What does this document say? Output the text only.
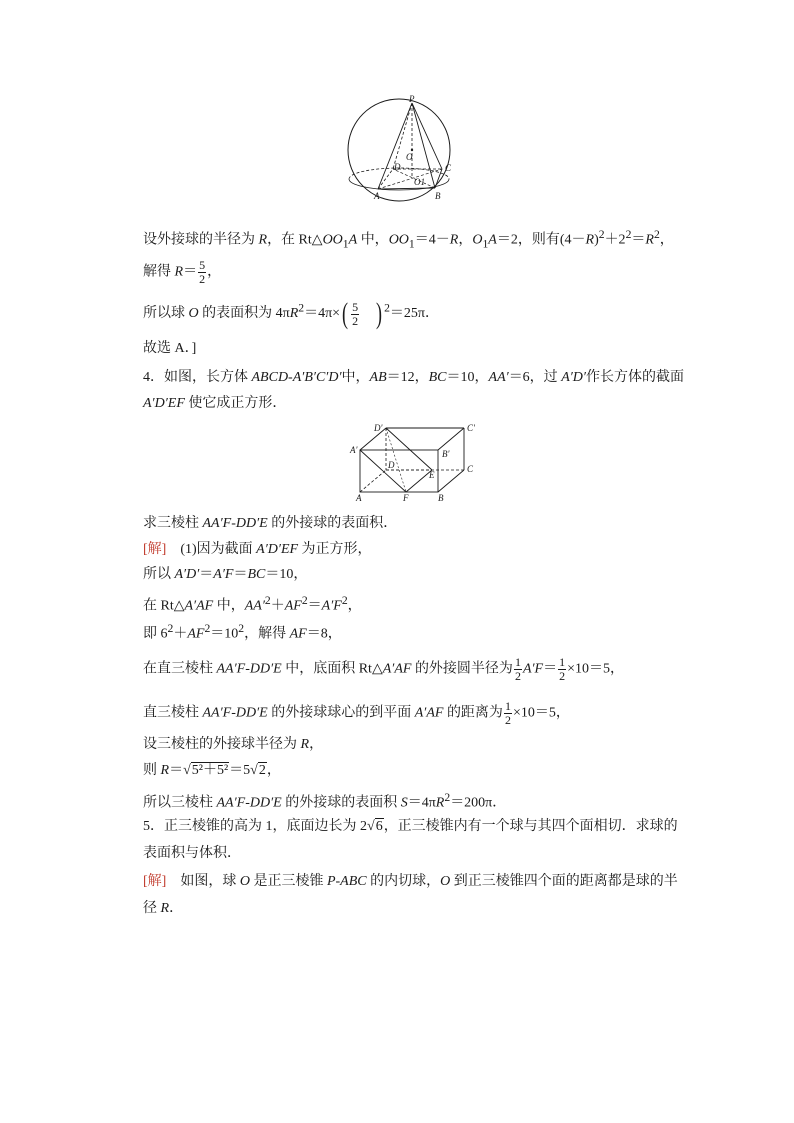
P
O
D	C
O1
A	B
设外接球的半径为 R，在 $Rt\triangle OO_1A$ 中，$OO_1=4-R$，$O_1A=2$，则有$(4-R)^2+2^2=R^2$，
解得 $R= \frac{5}{2}$ ，
所以球 O 的表面积为 $4\pi R^2=4\pi\times( \frac{5}{2}$ ) $^2$＝25π．
故选 A．]
4．如图，长方体 ABCD-A′B′C′D′中，AB＝12，BC＝10，AA′＝6，过 A′D′作长方体的截面
A′D′EF 使它成正方形．
D'	C'
A'	B'
D
E
C
A	F	B
求三棱柱 AA′F-DD′E 的外接球的表面积．
[解]　(1)因为截面 A′D′EF 为正方形，
所以 A′D′＝A′F＝BC＝10，
在 Rt△A′AF 中，$AA'^2+AF^2=A'F^2$，
即 $6^2+AF^2=10^2$，解得 AF＝8，
在直三棱柱 AA′F-DD′E 中，底面积 Rt△A′AF 的外接圆半径为 $\frac{1}{2} A'F= \frac{1}{2} \times 10=5$，
直三棱柱 AA′F-DD′E 的外接球球心的到平面 A′AF 的距离为 $\frac{1}{2} \times 10=5$，
设三棱柱的外接球半径为 R，
则 R＝√5²＋5²＝5√2，
所以三棱柱 AA′F-DD′E 的外接球的表面积 $S=4\pi R^2=200\pi$．
5．正三棱锥的高为 1，底面边长为 2√6，正三棱锥内有一个球与其四个面相切．求球的
表面积与体积．
[解]　如图，球 O 是正三棱锥 P-ABC 的内切球，O 到正三棱锥四个面的距离都是球的半
径 R．
